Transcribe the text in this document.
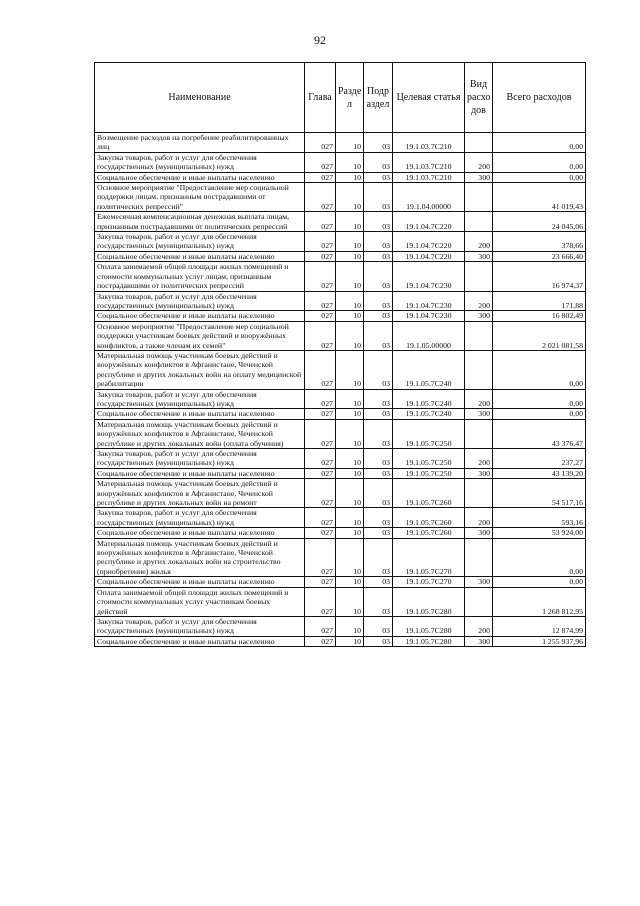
92
Наименование	Глава	Разде л	Подр аздел	Целевая статья	Вид расхо дов	Всего расходов
Возмещение расходов на погребение реабилитированных лиц	027	10	03	19.1.03.7С210		0,00
Закупка товаров, работ и услуг для обеспечения государственных (муниципальных) нужд	027	10	03	19.1.03.7С210	200	0,00
Социальное обеспечение и иные выплаты населению	027	10	03	19.1.03.7С210	300	0,00
Основное мероприятие "Предоставление мер социальной поддержки лицам, признанным пострадавшими от политических репрессий"	027	10	03	19.1.04.00000		41 019,43
Ежемесячная компенсационная денежная выплата лицам, признанным пострадавшими от политических репрессий	027	10	03	19.1.04.7С220		24 045,06
Закупка товаров, работ и услуг для обеспечения государственных (муниципальных) нужд	027	10	03	19.1.04.7С220	200	378,66
Социальное обеспечение и иные выплаты населению	027	10	03	19.1.04.7С220	300	23 666,40
Оплата занимаемой общей площади жилых помещений и стоимости коммунальных услуг лицам, признанным пострадавшими от политических репрессий	027	10	03	19.1.04.7С230		16 974,37
Закупка товаров, работ и услуг для обеспечения государственных (муниципальных) нужд	027	10	03	19.1.04.7С230	200	171,88
Социальное обеспечение и иные выплаты населению	027	10	03	19.1.04.7С230	300	16 802,49
Основное мероприятие "Предоставление мер социальной поддержки участникам боевых действий и вооружённых конфликтов, а также членам их семей"	027	10	03	19.1.05.00000		2 021 081,58
Материальная помощь участникам боевых действий и вооружённых конфликтов в Афганистане, Чеченской республике и других локальных войн на оплату медицинской реабилитации	027	10	03	19.1.05.7С240		0,00
Закупка товаров, работ и услуг для обеспечения государственных (муниципальных) нужд	027	10	03	19.1.05.7С240	200	0,00
Социальное обеспечение и иные выплаты населению	027	10	03	19.1.05.7С240	300	0,00
Материальная помощь участникам боевых действий и вооружённых конфликтов в Афганистане, Чеченской республике и других локальных войн (оплата обучения)	027	10	03	19.1.05.7С250		43 376,47
Закупка товаров, работ и услуг для обеспечения государственных (муниципальных) нужд	027	10	03	19.1.05.7С250	200	237,27
Социальное обеспечение и иные выплаты населению	027	10	03	19.1.05.7С250	300	43 139,20
Материальная помощь участникам боевых действий и вооружённых конфликтов в Афганистане, Чеченской республике и других локальных войн на ремонт	027	10	03	19.1.05.7С260		54 517,16
Закупка товаров, работ и услуг для обеспечения государственных (муниципальных) нужд	027	10	03	19.1.05.7С260	200	593,16
Социальное обеспечение и иные выплаты населению	027	10	03	19.1.05.7С260	300	53 924,00
Материальная помощь участникам боевых действий и вооружённых конфликтов в Афганистане, Чеченской республике и других локальных войн на строительство (приобретение) жилья	027	10	03	19.1.05.7С270		0,00
Социальное обеспечение и иные выплаты населению	027	10	03	19.1.05.7С270	300	0,00
Оплата занимаемой общей площади жилых помещений и стоимости коммунальных услуг участникам боевых действий	027	10	03	19.1.05.7С280		1 268 812,95
Закупка товаров, работ и услуг для обеспечения государственных (муниципальных) нужд	027	10	03	19.1.05.7С280	200	12 874,99
Социальное обеспечение и иные выплаты населению	027	10	03	19.1.05.7С280	300	1 255 937,96
